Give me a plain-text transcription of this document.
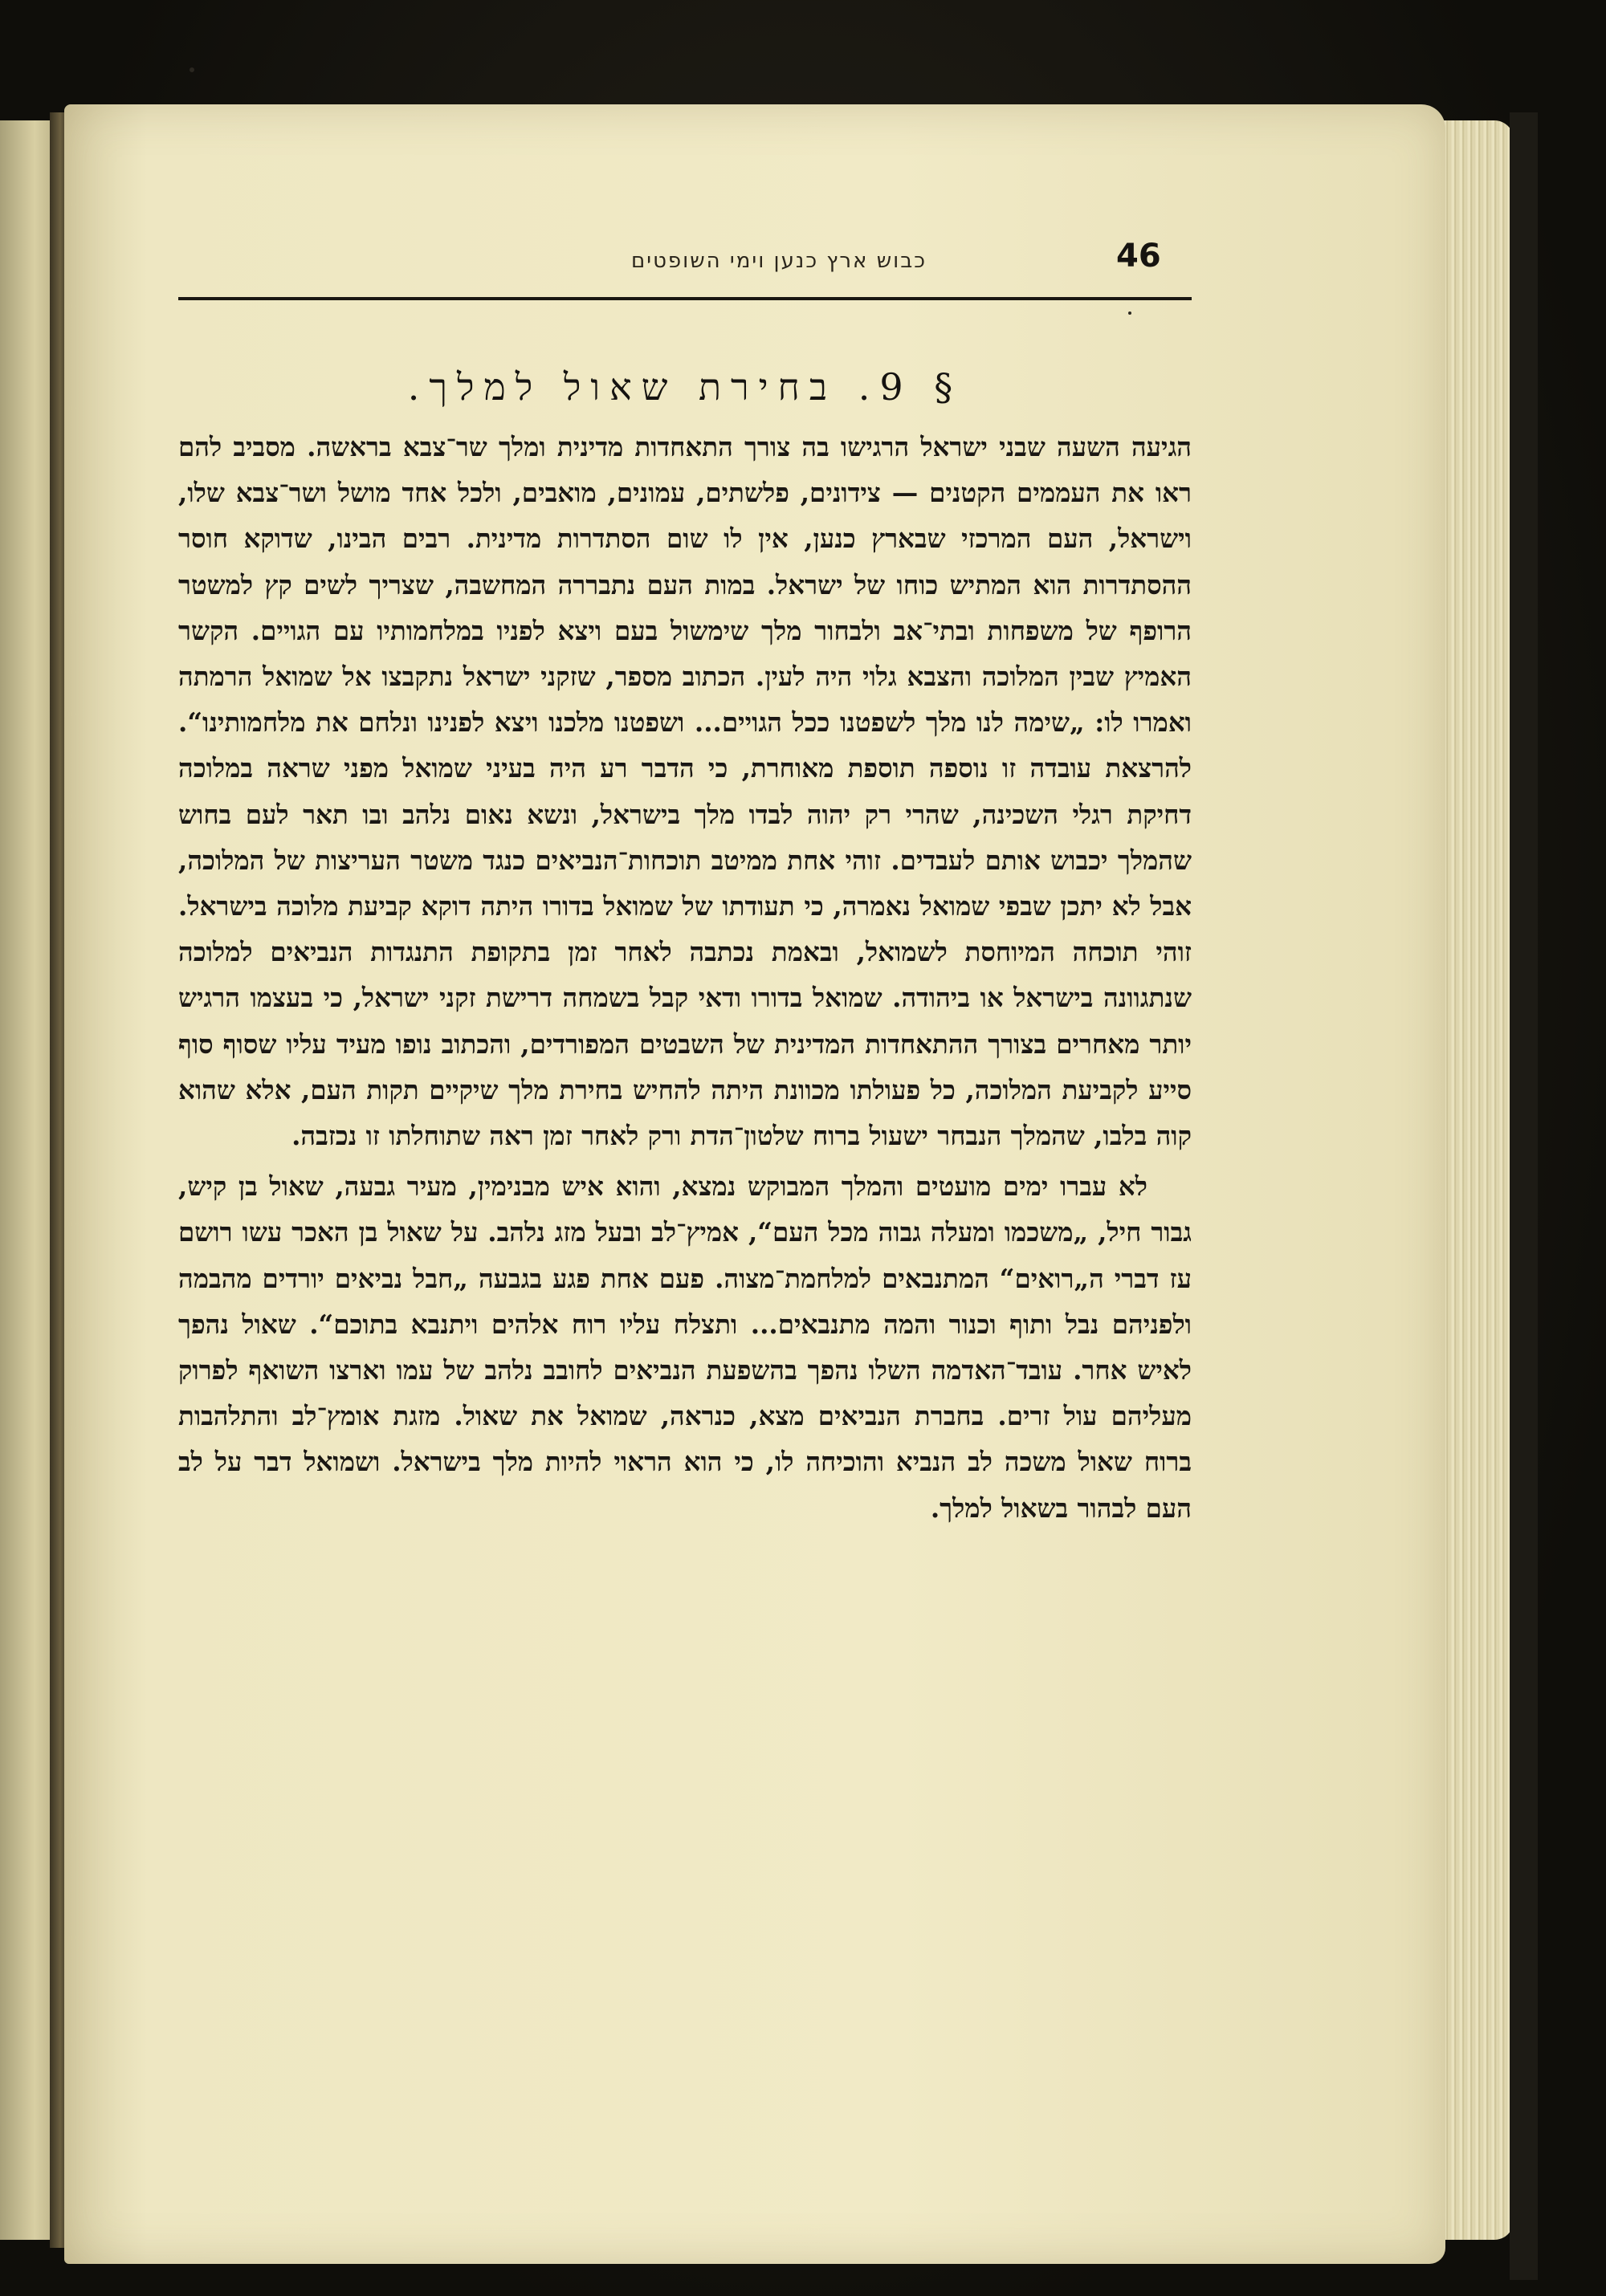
46
כבוש ארץ כנען וימי השופטים
§ 9. בחירת שאול למלך.

הגיעה השעה שבני ישראל הרגישו בה צורך התאחדות מדינית ומלך שר־צבא בראשה. מסביב להם ראו את העממים הקטנים — צידונים, פלשתים, עמונים, מואבים, ולכל אחד מושל ושר־צבא שלו, וישראל, העם המרכזי שבארץ כנען, אין לו שום הסתדרות מדינית. רבים הבינו, שדוקא חוסר ההסתדרות הוא המתיש כוחו של ישראל. במות העם נתבררה המחשבה, שצריך לשים קץ למשטר הרופף של משפחות ובתי־אב ולבחור מלך שימשול בעם ויצא לפניו במלחמותיו עם הגויים. הקשר האמיץ שבין המלוכה והצבא גלוי היה לעין. הכתוב מספר, שזקני ישראל נתקבצו אל שמואל הרמתה ואמרו לו: „שימה לנו מלך לשפטנו ככל הגויים... ושפטנו מלכנו ויצא לפנינו ונלחם את מלחמותינו“. להרצאת עובדה זו נוספה תוספת מאוחרת, כי הדבר רע היה בעיני שמואל מפני שראה במלוכה דחיקת רגלי השכינה, שהרי רק יהוה לבדו מלך בישראל, ונשא נאום נלהב ובו תאר לעם בחוש שהמלך יכבוש אותם לעבדים. זוהי אחת ממיטב תוכחות־הנביאים כנגד משטר העריצות של המלוכה, אבל לא יתכן שבפי שמואל נאמרה, כי תעודתו של שמואל בדורו היתה דוקא קביעת מלוכה בישראל. זוהי תוכחה המיוחסת לשמואל, ובאמת נכתבה לאחר זמן בתקופת התנגדות הנביאים למלוכה שנתגוונה בישראל או ביהודה. שמואל בדורו ודאי קבל בשמחה דרישת זקני ישראל, כי בעצמו הרגיש יותר מאחרים בצורך ההתאחדות המדינית של השבטים המפורדים, והכתוב נופו מעיד עליו שסוף סוף סייע לקביעת המלוכה, כל פעולתו מכוונת היתה להחיש בחירת מלך שיקיים תקות העם, אלא שהוא קוה בלבו, שהמלך הנבחר ישעול ברוח שלטון־הדת ורק לאחר זמן ראה שתוחלתו זו נכזבה.

לא עברו ימים מועטים והמלך המבוקש נמצא, והוא איש מבנימין, מעיר גבעה, שאול בן קיש, גבור חיל, „משכמו ומעלה גבוה מכל העם“, אמיץ־לב ובעל מזג נלהב. על שאול בן האכר עשו רושם עז דברי ה„רואים“ המתנבאים למלחמת־מצוה. פעם אחת פגע בגבעה „חבל נביאים יורדים מהבמה ולפניהם נבל ותוף וכנור והמה מתנבאים... ותצלח עליו רוח אלהים ויתנבא בתוכם“. שאול נהפך לאיש אחר. עובד־האדמה השלו נהפך בהשפעת הנביאים לחובב נלהב של עמו וארצו השואף לפרוק מעליהם עול זרים. בחברת הנביאים מצא, כנראה, שמואל את שאול. מזגת אומץ־לב והתלהבות ברוח שאול משכה לב הנביא והוכיחה לו, כי הוא הראוי להיות מלך בישראל. ושמואל דבר על לב העם לבהור בשאול למלך.
